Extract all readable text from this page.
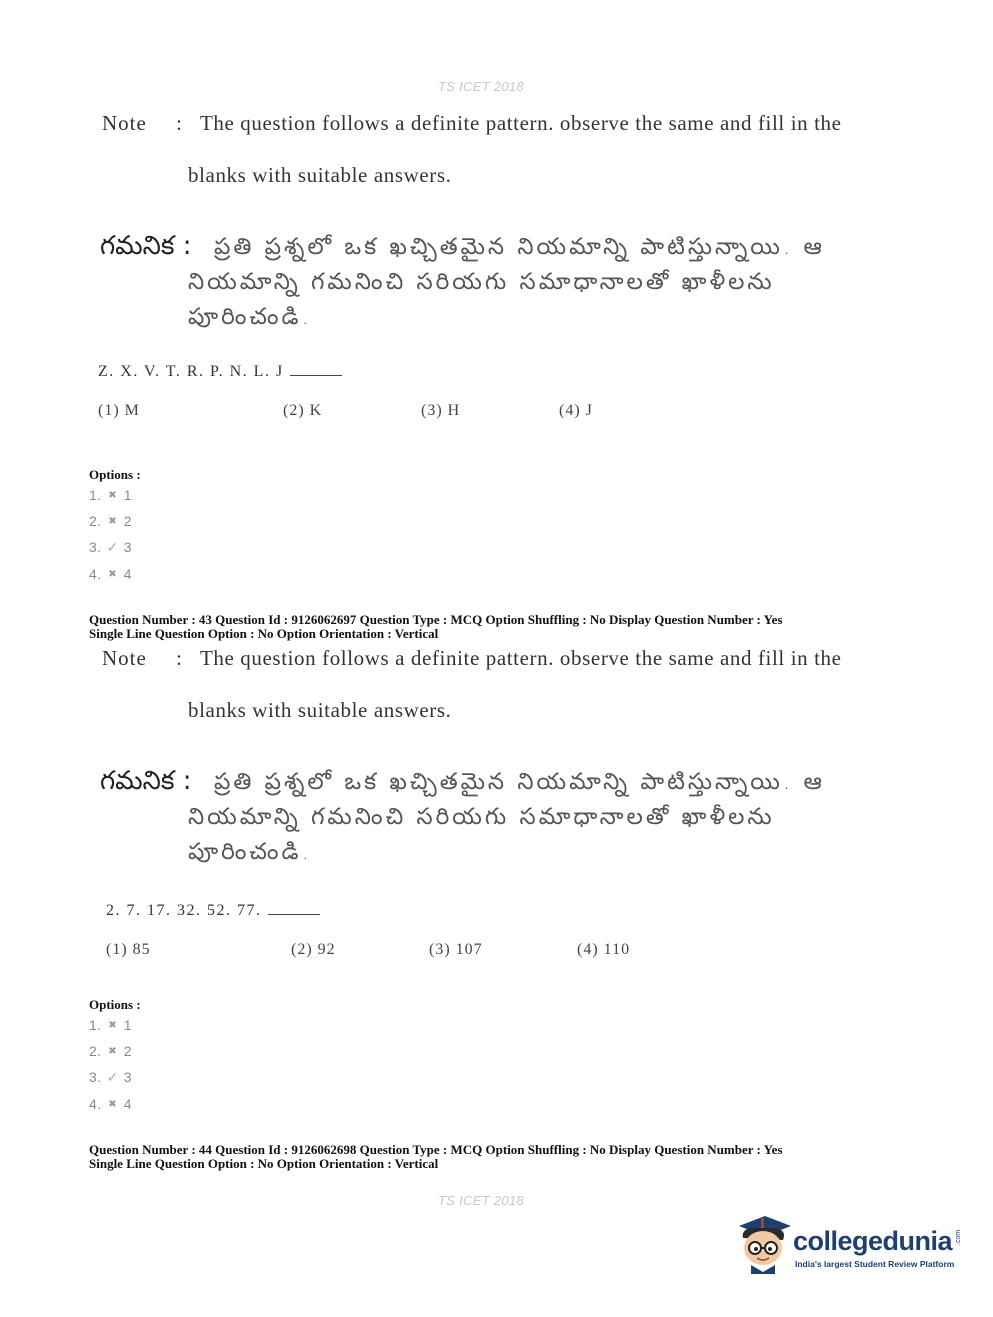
TS ICET 2018
Note : The question follows a definite pattern. observe the same and fill in the
blanks with suitable answers.
గమనిక : ప్రతి ప్రశ్నలో ఒక ఖచ్చితమైన నియమాన్ని పాటిస్తున్నాయి. ఆ
నియమాన్ని గమనించి సరియగు సమాధానాలతో ఖాళీలను
పూరించండి.
Z. X. V. T. R. P. N. L. J
(1) M	(2) K	(3) H	(4) J
Options :
1. ✖ 1
2. ✖ 2
3. ✓ 3
4. ✖ 4
Question Number : 43 Question Id : 9126062697 Question Type : MCQ Option Shuffling : No Display Question Number : Yes
Single Line Question Option : No Option Orientation : Vertical
Note : The question follows a definite pattern. observe the same and fill in the
blanks with suitable answers.
గమనిక : ప్రతి ప్రశ్నలో ఒక ఖచ్చితమైన నియమాన్ని పాటిస్తున్నాయి. ఆ
నియమాన్ని గమనించి సరియగు సమాధానాలతో ఖాళీలను
పూరించండి.
2. 7. 17. 32. 52. 77.
(1) 85	(2) 92	(3) 107	(4) 110
Options :
1. ✖ 1
2. ✖ 2
3. ✓ 3
4. ✖ 4
Question Number : 44 Question Id : 9126062698 Question Type : MCQ Option Shuffling : No Display Question Number : Yes
Single Line Question Option : No Option Orientation : Vertical
TS ICET 2018
collegedunia .com
India's largest Student Review Platform
